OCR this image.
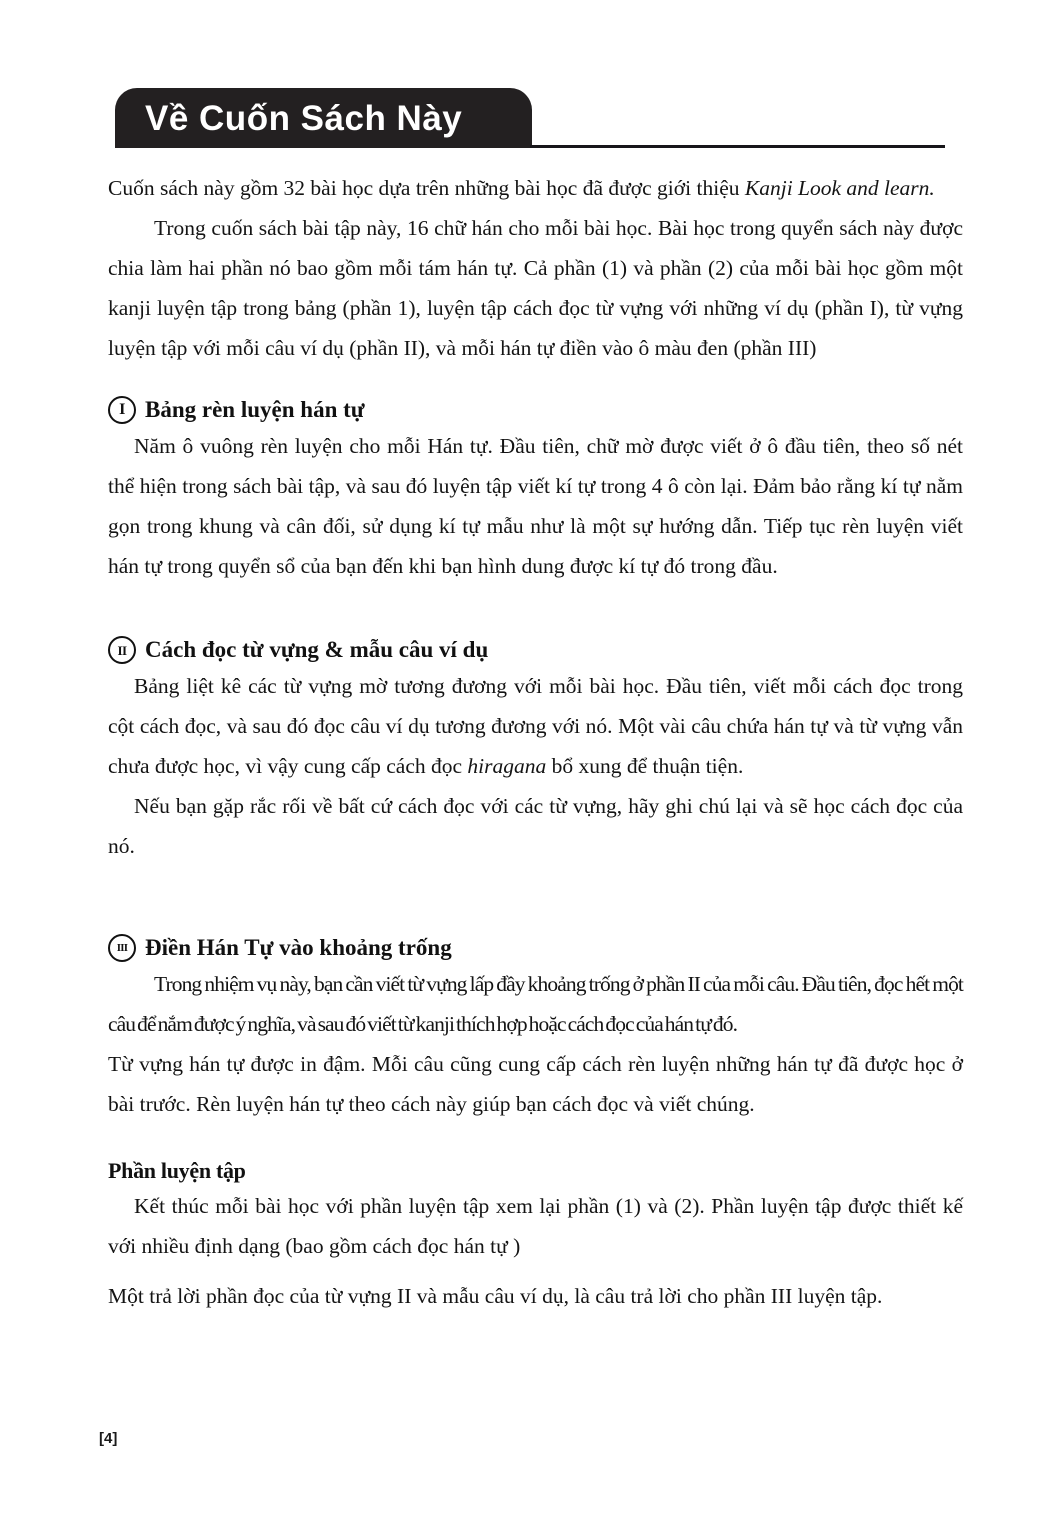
Về Cuốn Sách Này

Cuốn sách này gồm 32 bài học dựa trên những bài học đã được giới thiệu Kanji Look and learn.

Trong cuốn sách bài tập này, 16 chữ hán cho mỗi bài học. Bài học trong quyển sách này được chia làm hai phần nó bao gồm mỗi tám hán tự. Cả phần (1) và phần (2) của mỗi bài học gồm một kanji luyện tập trong bảng (phần 1), luyện tập cách đọc từ vựng với những ví dụ (phần I), từ vựng luyện tập với mỗi câu ví dụ (phần II), và mỗi hán tự điền vào ô màu đen (phần III)

I Bảng rèn luyện hán tự

Năm ô vuông rèn luyện cho mỗi Hán tự. Đầu tiên, chữ mờ được viết ở ô đầu tiên, theo số nét thể hiện trong sách bài tập, và sau đó luyện tập viết kí tự trong 4 ô còn lại. Đảm bảo rằng kí tự nằm gọn trong khung và cân đối, sử dụng kí tự mẫu như là một sự hướng dẫn. Tiếp tục rèn luyện viết hán tự trong quyển sổ của bạn đến khi bạn hình dung được kí tự đó trong đầu.

II Cách đọc từ vựng & mẫu câu ví dụ

Bảng liệt kê các từ vựng mờ tương đương với mỗi bài học. Đầu tiên, viết mỗi cách đọc trong cột cách đọc, và sau đó đọc câu ví dụ tương đương với nó. Một vài câu chứa hán tự và từ vựng vẫn chưa được học, vì vậy cung cấp cách đọc hiragana bổ xung để thuận tiện.

Nếu bạn gặp rắc rối về bất cứ cách đọc với các từ vựng, hãy ghi chú lại và sẽ học cách đọc của nó.

III Điền Hán Tự vào khoảng trống

Trong nhiệm vụ này, bạn cần viết từ vựng lấp đầy khoảng trống ở phần II của mỗi câu. Đầu tiên, đọc hết một câu để nắm được ý nghĩa, và sau đó viết từ kanji thích hợp hoặc cách đọc của hán tự đó.

Từ vựng hán tự được in đậm. Mỗi câu cũng cung cấp cách rèn luyện những hán tự đã được học ở bài trước. Rèn luyện hán tự theo cách này giúp bạn cách đọc và viết chúng.

Phần luyện tập

Kết thúc mỗi bài học với phần luyện tập xem lại phần (1) và (2). Phần luyện tập được thiết kế với nhiều định dạng (bao gồm cách đọc hán tự )

Một trả lời phần đọc của từ vựng II và mẫu câu ví dụ, là câu trả lời cho phần III luyện tập.

[4]
